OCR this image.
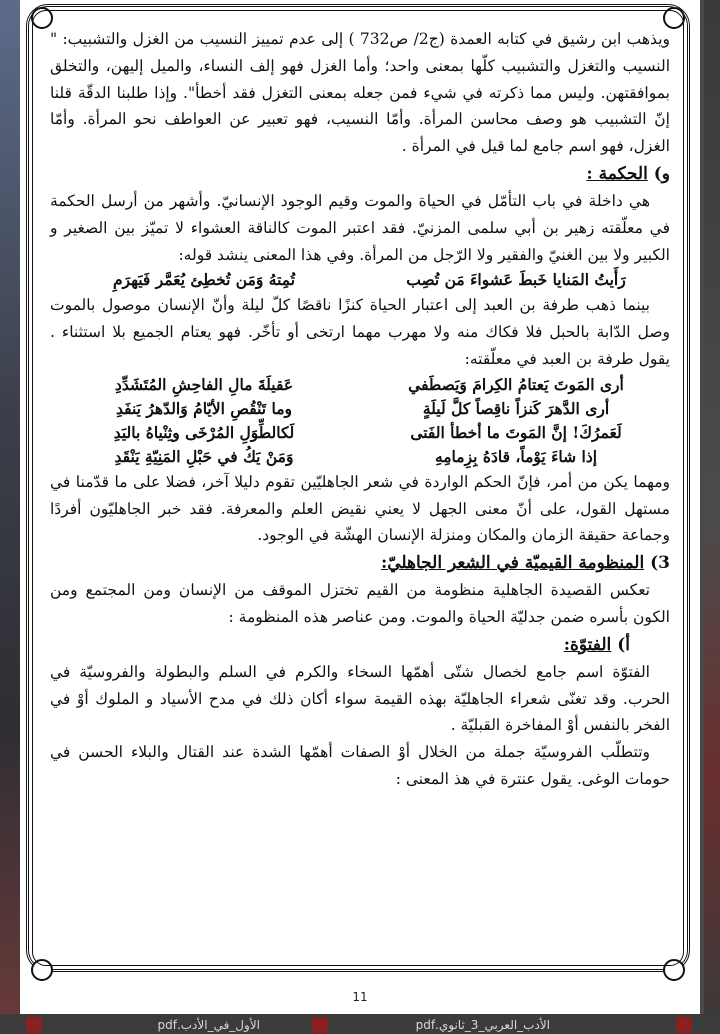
الأول_في_الأدب.pdf	الأدب_العربي_3_ثانوي.pdf

ويذهب ابن رشيق في كتابه العمدة (ج2/ ص732 ) إلى عدم تمييز النسيب من الغزل والتشبيب: " النسيب والتغزل والتشبيب كلّها بمعنى واحد؛ وأما الغزل فهو إلف النساء، والميل إليهن، والتخلق بموافقتهن. وليس مما ذكرته في شيء فمن جعله بمعنى التغزل فقد أخطأ". وإذا طلبنا الدقّة قلنا إنّ التشبيب هو وصف محاسن المرأة. وأمّا النسيب، فهو تعبير عن العواطف نحو المرأة. وأمّا الغزل، فهو اسم جامع لما قيل في المرأة .

و) الحكمة :

هي داخلة في باب التأمّل في الحياة والموت وقيم الوجود الإنسانيّ. وأشهر من أرسل الحكمة في معلّقته زهير بن أبي سلمى المزنيّ. فقد اعتبر الموت كالناقة العشواء لا تميّز بين الصغير و الكبير ولا بين الغنيّ والفقير ولا الرّجل من المرأة. وفي هذا المعنى ينشد قوله:

رَأَيتُ المَنايا خَبطَ عَشواءَ مَن تُصِب
تُمِتهُ وَمَن تُخطِئ يُعَمَّر فَيَهرَمِ

بينما ذهب طرفة بن العبد إلى اعتبار الحياة كنزًا ناقصًا كلّ ليلة وأنّ الإنسان موصول بالموت وصل الدّابة بالحبل فلا فكاك منه ولا مهرب مهما ارتخى أو تأخّر. فهو يعتام الجميع بلا استثناء . يقول طرفة بن العبد في معلّقته:

أرى المَوتَ يَعتامُ الكِرامَ وَيَصطَفي
عَقيلَةَ مالِ الفاحِشِ المُتَشَدِّدِ
أرى الدَّهرَ كَنزاً ناقِصاً كلَّ لَيلَةٍ
وما تَنْقُصِ الأيّامُ وَالدّهرُ يَنفَدِ
لَعَمرُكَ! إنَّ المَوتَ ما أخطأ الفَتى
لَكالطِّوَلِ المُرْخَى وثِنْياهُ باليَدِ
إذا شاءَ يَوْماً، قادَهُ بِزِمامِهِ
وَمَنْ يَكُ في حَبْلِ المَنِيّةِ يَنْقَدِ

ومهما يكن من أمر، فإنّ الحكم الواردة في شعر الجاهليّين تقوم دليلا آخر، فضلا على ما قدّمنا في مستهل القول، على أنّ معنى الجهل لا يعني نقيض العلم والمعرفة. فقد خبر الجاهليّون أفردًا وجماعة حقيقة الزمان والمكان ومنزلة الإنسان الهشّة في الوجود.

3) المنظومة القيميّة في الشعر الجاهليّ:

تعكس القصيدة الجاهلية منظومة من القيم تختزل الموقف من الإنسان ومن المجتمع ومن الكون بأسره ضمن جدليّة الحياة والموت. ومن عناصر هذه المنظومة :

أ) الفتوّة:

الفتوّة اسم جامع لخصال شتّى أهمّها السخاء والكرم في السلم والبطولة والفروسيّة في الحرب. وقد تغنّى شعراء الجاهليّة بهذه القيمة سواء أكان ذلك في مدح الأسياد و الملوك أوْ في الفخر بالنفس أوْ المفاخرة القبليّة .

وتتطلّب الفروسيّة جملة من الخلال أوْ الصفات أهمّها الشدة عند القتال والبلاء الحسن في حومات الوغى. يقول عنترة في هذ المعنى :

11
